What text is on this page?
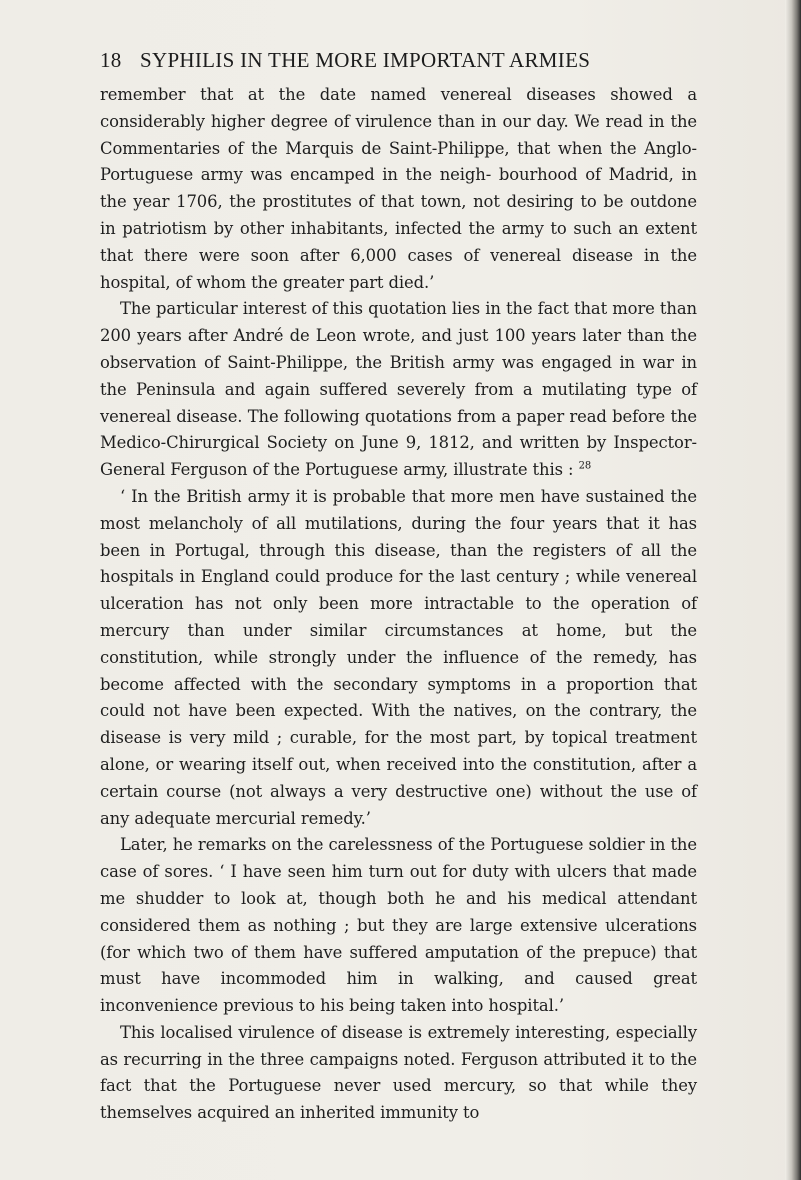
18 SYPHILIS IN THE MORE IMPORTANT ARMIES

remember that at the date named venereal diseases showed a considerably higher degree of virulence than in our day. We read in the Commentaries of the Marquis de Saint-Philippe, that when the Anglo-Portuguese army was encamped in the neigh- bourhood of Madrid, in the year 1706, the prostitutes of that town, not desiring to be outdone in patriotism by other inhabitants, infected the army to such an extent that there were soon after 6,000 cases of venereal disease in the hospital, of whom the greater part died.’

The particular interest of this quotation lies in the fact that more than 200 years after André de Leon wrote, and just 100 years later than the observation of Saint-Philippe, the British army was engaged in war in the Peninsula and again suffered severely from a mutilating type of venereal disease. The following quotations from a paper read before the Medico-Chirurgical Society on June 9, 1812, and written by Inspector-General Ferguson of the Portuguese army, illustrate this : $^{28}$

‘ In the British army it is probable that more men have sustained the most melancholy of all mutilations, during the four years that it has been in Portugal, through this disease, than the registers of all the hospitals in England could produce for the last century ; while venereal ulceration has not only been more intractable to the operation of mercury than under similar circumstances at home, but the constitution, while strongly under the influence of the remedy, has become affected with the secondary symptoms in a proportion that could not have been expected. With the natives, on the contrary, the disease is very mild ; curable, for the most part, by topical treatment alone, or wearing itself out, when received into the constitution, after a certain course (not always a very destructive one) without the use of any adequate mercurial remedy.’

Later, he remarks on the carelessness of the Portuguese soldier in the case of sores. ‘ I have seen him turn out for duty with ulcers that made me shudder to look at, though both he and his medical attendant considered them as nothing ; but they are large extensive ulcerations (for which two of them have suffered amputation of the prepuce) that must have incommoded him in walking, and caused great inconvenience previous to his being taken into hospital.’

This localised virulence of disease is extremely interesting, especially as recurring in the three campaigns noted. Ferguson attributed it to the fact that the Portuguese never used mercury, so that while they themselves acquired an inherited immunity to
